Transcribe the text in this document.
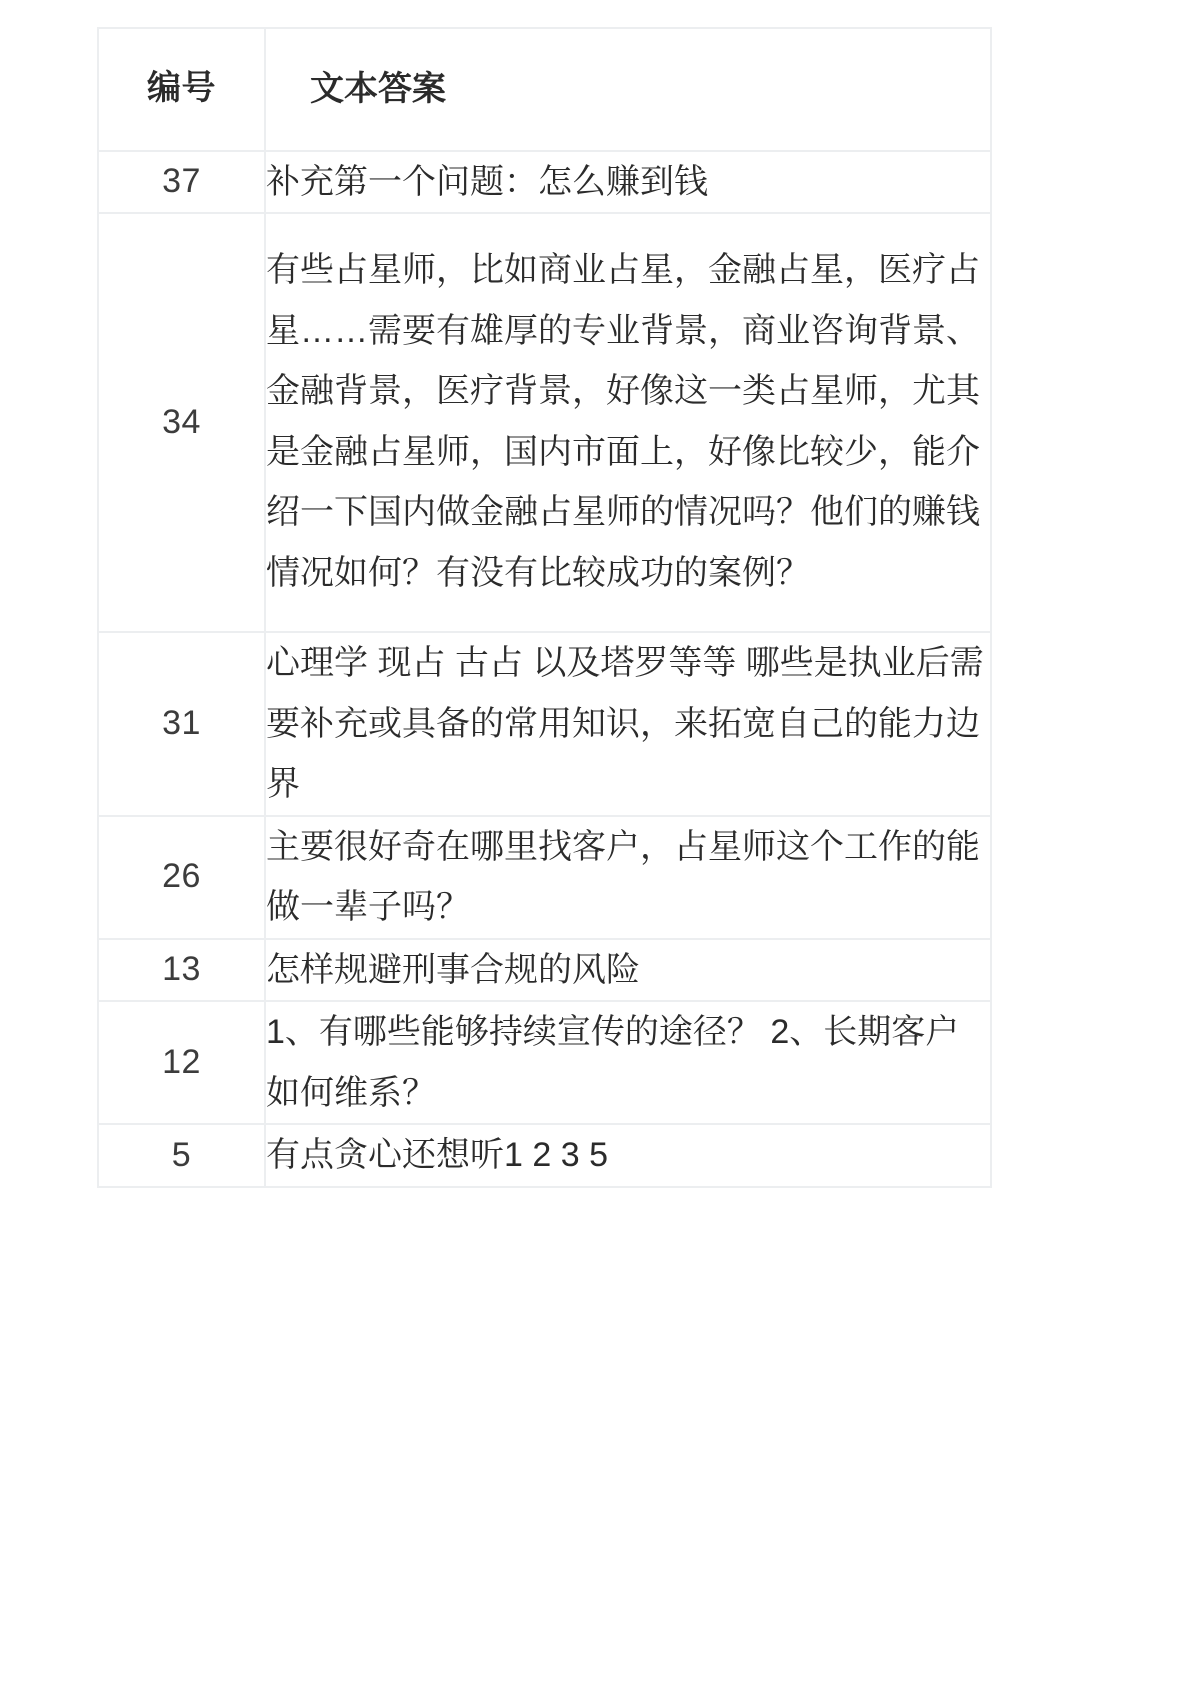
编号	文本答案
37	补充第一个问题：怎么赚到钱
34	有些占星师，比如商业占星，金融占星，医疗占星……需要有雄厚的专业背景，商业咨询背景、金融背景，医疗背景，好像这一类占星师，尤其是金融占星师，国内市面上，好像比较少，能介绍一下国内做金融占星师的情况吗？他们的赚钱情况如何？有没有比较成功的案例？
31	心理学 现占 古占 以及塔罗等等 哪些是执业后需要补充或具备的常用知识，来拓宽自己的能力边界
26	主要很好奇在哪里找客户，占星师这个工作的能做一辈子吗？
13	怎样规避刑事合规的风险
12	1、有哪些能够持续宣传的途径？ 2、长期客户如何维系？
5	有点贪心还想听1 2 3 5
